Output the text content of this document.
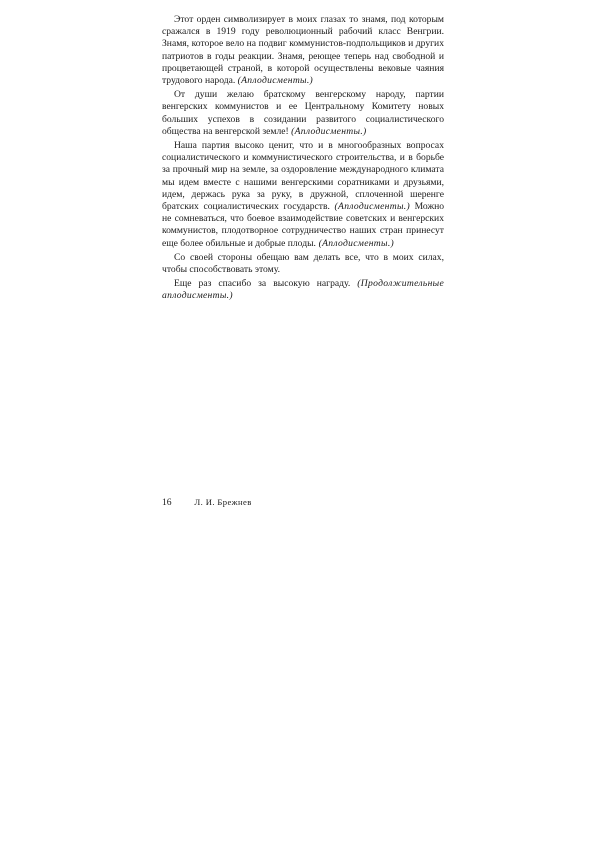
Этот орден символизирует в моих глазах то знамя, под которым сражался в 1919 году революционный рабочий класс Венгрии. Знамя, которое вело на подвиг коммунистов-подпольщиков и других патриотов в годы реакции. Знамя, реющее теперь над свободной и процветающей страной, в которой осуществлены вековые чаяния трудового народа. (Аплодисменты.)

От души желаю братскому венгерскому народу, партии венгерских коммунистов и ее Центральному Комитету новых больших успехов в созидании развитого социалистического общества на венгерской земле! (Аплодисменты.)

Наша партия высоко ценит, что и в многообразных вопросах социалистического и коммунистического строительства, и в борьбе за прочный мир на земле, за оздоровление международного климата мы идем вместе с нашими венгерскими соратниками и друзьями, идем, держась рука за руку, в дружной, сплоченной шеренге братских социалистических государств. (Аплодисменты.) Можно не сомневаться, что боевое взаимодействие советских и венгерских коммунистов, плодотворное сотрудничество наших стран принесут еще более обильные и добрые плоды. (Аплодисменты.)

Со своей стороны обещаю вам делать все, что в моих силах, чтобы способствовать этому.

Еще раз спасибо за высокую награду. (Продолжительные аплодисменты.)

16	Л. И. Брежнев
